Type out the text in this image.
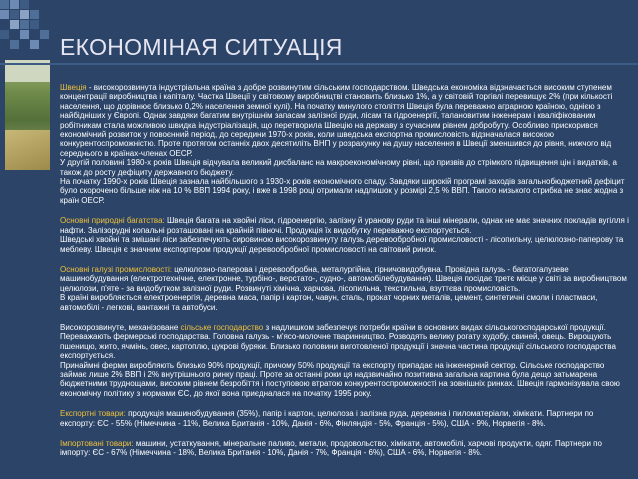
ЕКОНОМІНАЯ СИТУАЦІЯ

Швеція - високорозвинута індустріальна країна з добре розвинутим сільським господарством. Шведська економіка відзначається високим ступенем концентрації виробництва і капіталу. Частка Швеції у світовому виробництві становить близько 1%, а у світовій торгівлі перевищує 2% (при кількості населення, що дорівнює близько 0,2% населення земної кулі). На початку минулого століття Швеція була переважно аграрною країною, однією з найбідніших у Європі. Однак завдяки багатим внутрішнім запасам залізної руди, лісам та гідроенергії, талановитим інженерам і кваліфікованим робітникам стала можливою швидка індустріалізація, що перетворила Швецію на державу з сучасним рівнем добробуту. Особливо прискорився економічний розвиток у повоєнний період, до середини 1970-х років, коли шведська експортна промисловість відзначалася високою конкурентоспроможністю. Проте протягом останніх двох десятиліть ВНП у розрахунку на душу населення в Швеції зменшився до рівня, нижчого від середнього в країнах-членах ОЕСР.

У другій половині 1980-х років Швеція відчувала великий дисбаланс на макроекономічному рівні, що призвів до стрімкого підвищення цін і видатків, а також до росту дефіциту державного бюджету.

На початку 1990-х років Швеція зазнала найбільшого з 1930-х років економічного спаду. Завдяки широкій програмі заходів загальнобюджетний дефіцит було скорочено більше ніж на 10 % ВВП 1994 року, і вже в 1998 році отримали надлишок у розмірі 2,5 % ВВП. Такого низького стрибка не знає жодна з країн ОЕСР.

Основні природні багатства: Швеція багата на хвойні ліси, гідроенергію, залізну й уранову руди та інші мінерали, однак не має значних покладів вугілля і нафти. Залізорудні копальні розташовані на крайній півночі. Продукція їх видобутку переважно експортується.

Шведські хвойні та змішані ліси забезпечують сировиною високорозвинуту галузь деревообробної промисловості - лісопильну, целюлозно-паперову та меблеву. Швеція є значним експортером продукції деревообробної промисловості на світовий ринок.

Основні галузі промисловості: целюлозно-паперова і деревообробна, металургійна, гірничовидобувна. Провідна галузь - багатогалузеве машинобудування (електротехнічне, електронне, турбіно-, верстато-, судно-, автомобілебудування). Швеція посідає третє місце у світі за виробництвом целюлози, п'яте - за видобутком залізної руди. Розвинуті хімічна, харчова, лісопильна, текстильна, взуттєва промисловість.

В країні виробляється електроенергія, деревна маса, папір і картон, чавун, сталь, прокат чорних металів, цемент, синтетичні смоли і пластмаси, автомобілі - легкові, вантажні та автобуси.

Високорозвинуте, механізоване сільське господарство з надлишком забезпечує потреби країни в основних видах сільськогосподарської продукції. Переважають фермерські господарства. Головна галузь - м'ясо-молочне тваринництво. Розводять велику рогату худобу, свиней, овець. Вирощують пшеницю, жито, ячмінь, овес, картоплю, цукрові буряки. Близько половини виготовленої продукції і значна частина продукції сільського господарства експортується.

Принаймні ферми виробляють близько 90% продукції, причому 50% продукції та експорту припадає на інженерний сектор. Сільське господарство займає лише 2% ВВП і 2% внутрішнього ринку праці. Проте за останні роки ця надзвичайно позитивна загальна картина була дещо затьмарена бюджетними труднощами, високим рівнем безробіття і поступовою втратою конкурентоспроможності на зовнішніх ринках. Швеція гармонізувала свою економічну політику з нормами ЄС, до якої вона приєдналася на початку 1995 року.

Експортні товари: продукція машинобудування (35%), папір і картон, целюлоза і залізна руда, деревина і пиломатеріали, хімікати. Партнери по експорту: ЄС - 55% (Німеччина - 11%, Велика Британія - 10%, Данія - 6%, Фінляндія - 5%, Франція - 5%), США - 9%, Норвегія - 8%.

Імпортовані товари: машини, устаткування, мінеральне паливо, метали, продовольство, хімікати, автомобілі, харчові продукти, одяг. Партнери по імпорту: ЄС - 67% (Німеччина - 18%, Велика Британія - 10%, Данія - 7%, Франція - 6%), США - 6%, Норвегія - 8%.
